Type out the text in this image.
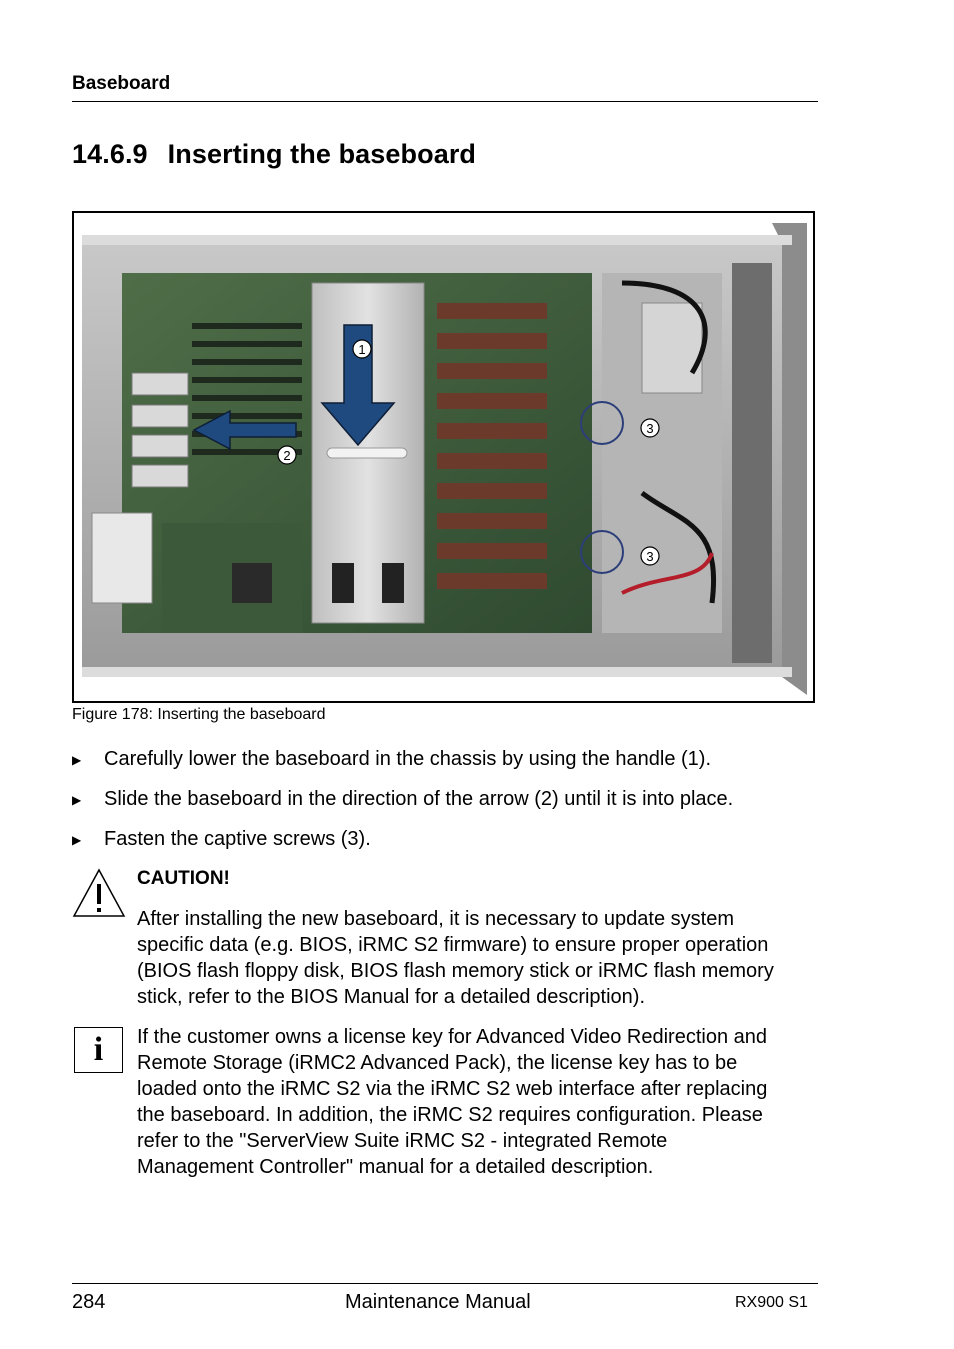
Baseboard
14.6.9 Inserting the baseboard
1
2
3
3
Figure 178: Inserting the baseboard
▶ Carefully lower the baseboard in the chassis by using the handle (1).
▶ Slide the baseboard in the direction of the arrow (2) until it is into place.
▶ Fasten the captive screws (3).
CAUTION!
After installing the new baseboard, it is necessary to update system
specific data (e.g. BIOS, iRMC S2 firmware) to ensure proper operation
(BIOS flash floppy disk, BIOS flash memory stick or iRMC flash memory
stick, refer to the BIOS Manual for a detailed description).
i	If the customer owns a license key for Advanced Video Redirection and
Remote Storage (iRMC2 Advanced Pack), the license key has to be
loaded onto the iRMC S2 via the iRMC S2 web interface after replacing
the baseboard. In addition, the iRMC S2 requires configuration. Please
refer to the "ServerView Suite iRMC S2 - integrated Remote
Management Controller" manual for a detailed description.
284	Maintenance Manual	RX900 S1
